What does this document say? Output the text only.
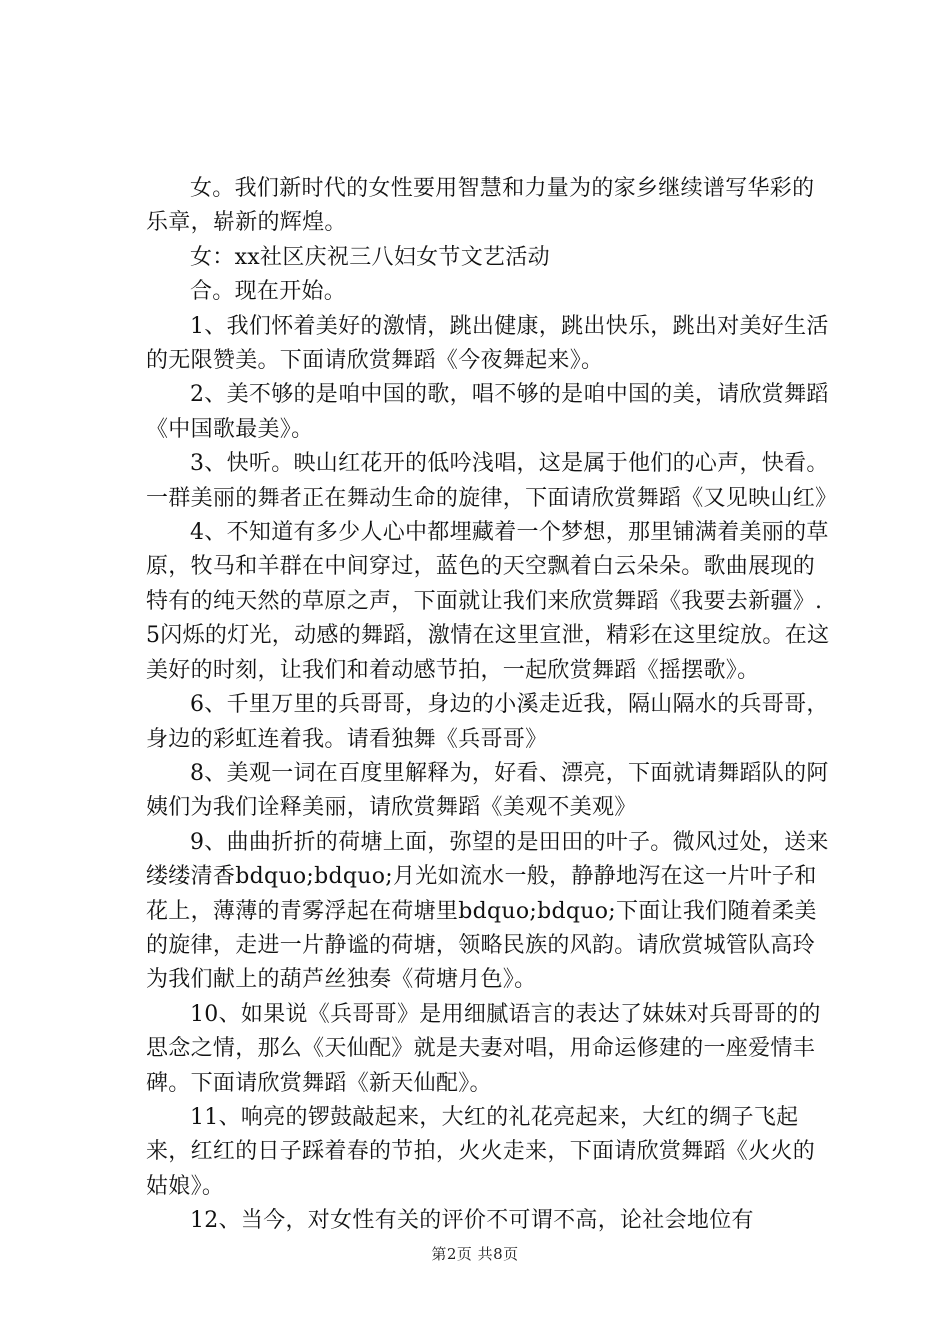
女。我们新时代的女性要用智慧和力量为的家乡继续谱写华彩的乐章，崭新的辉煌。

女：xx社区庆祝三八妇女节文艺活动

合。现在开始。

1、我们怀着美好的激情，跳出健康，跳出快乐，跳出对美好生活的无限赞美。下面请欣赏舞蹈《今夜舞起来》。

2、美不够的是咱中国的歌，唱不够的是咱中国的美，请欣赏舞蹈《中国歌最美》。

3、快听。映山红花开的低吟浅唱，这是属于他们的心声，快看。一群美丽的舞者正在舞动生命的旋律，下面请欣赏舞蹈《又见映山红》

4、不知道有多少人心中都埋藏着一个梦想，那里铺满着美丽的草原，牧马和羊群在中间穿过，蓝色的天空飘着白云朵朵。歌曲展现的特有的纯天然的草原之声，下面就让我们来欣赏舞蹈《我要去新疆》.5闪烁的灯光，动感的舞蹈，激情在这里宣泄，精彩在这里绽放。在这美好的时刻，让我们和着动感节拍，一起欣赏舞蹈《摇摆歌》。

6、千里万里的兵哥哥，身边的小溪走近我，隔山隔水的兵哥哥，身边的彩虹连着我。请看独舞《兵哥哥》

8、美观一词在百度里解释为，好看、漂亮，下面就请舞蹈队的阿姨们为我们诠释美丽，请欣赏舞蹈《美观不美观》

9、曲曲折折的荷塘上面，弥望的是田田的叶子。微风过处，送来缕缕清香bdquo;bdquo;月光如流水一般，静静地泻在这一片叶子和花上，薄薄的青雾浮起在荷塘里bdquo;bdquo;下面让我们随着柔美的旋律，走进一片静谧的荷塘，领略民族的风韵。请欣赏城管队高玲为我们献上的葫芦丝独奏《荷塘月色》。

10、如果说《兵哥哥》是用细腻语言的表达了妹妹对兵哥哥的的思念之情，那么《天仙配》就是夫妻对唱，用命运修建的一座爱情丰碑。下面请欣赏舞蹈《新天仙配》。

11、响亮的锣鼓敲起来，大红的礼花亮起来，大红的绸子飞起来，红红的日子踩着春的节拍，火火走来，下面请欣赏舞蹈《火火的姑娘》。

12、当今，对女性有关的评价不可谓不高，论社会地位有

第2页 共8页
